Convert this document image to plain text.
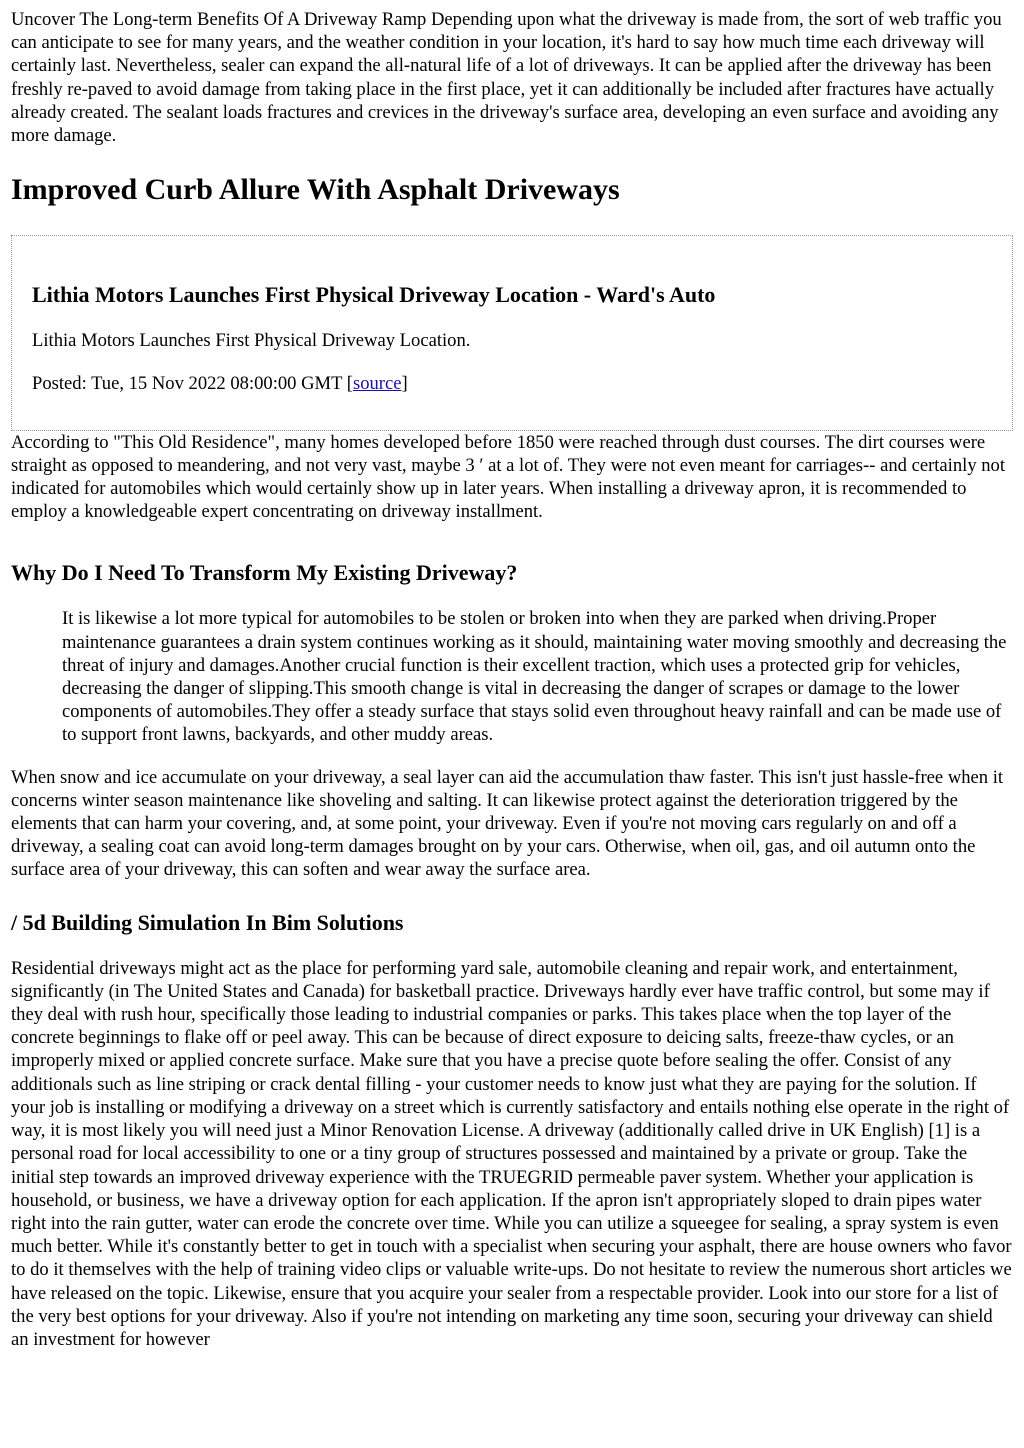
Uncover The Long-term Benefits Of A Driveway Ramp Depending upon what the driveway is made from, the sort of web traffic you can anticipate to see for many years, and the weather condition in your location, it's hard to say how much time each driveway will certainly last. Nevertheless, sealer can expand the all-natural life of a lot of driveways. It can be applied after the driveway has been freshly re-paved to avoid damage from taking place in the first place, yet it can additionally be included after fractures have actually already created. The sealant loads fractures and crevices in the driveway's surface area, developing an even surface and avoiding any more damage.

Improved Curb Allure With Asphalt Driveways
Lithia Motors Launches First Physical Driveway Location - Ward's Auto

Lithia Motors Launches First Physical Driveway Location.

Posted: Tue, 15 Nov 2022 08:00:00 GMT [source]

According to "This Old Residence", many homes developed before 1850 were reached through dust courses. The dirt courses were straight as opposed to meandering, and not very vast, maybe 3 ′ at a lot of. They were not even meant for carriages-- and certainly not indicated for automobiles which would certainly show up in later years. When installing a driveway apron, it is recommended to employ a knowledgeable expert concentrating on driveway installment.

Why Do I Need To Transform My Existing Driveway?
It is likewise a lot more typical for automobiles to be stolen or broken into when they are parked when driving.Proper maintenance guarantees a drain system continues working as it should, maintaining water moving smoothly and decreasing the threat of injury and damages.Another crucial function is their excellent traction, which uses a protected grip for vehicles, decreasing the danger of slipping.This smooth change is vital in decreasing the danger of scrapes or damage to the lower components of automobiles.They offer a steady surface that stays solid even throughout heavy rainfall and can be made use of to support front lawns, backyards, and other muddy areas.

When snow and ice accumulate on your driveway, a seal layer can aid the accumulation thaw faster. This isn't just hassle-free when it concerns winter season maintenance like shoveling and salting. It can likewise protect against the deterioration triggered by the elements that can harm your covering, and, at some point, your driveway. Even if you're not moving cars regularly on and off a driveway, a sealing coat can avoid long-term damages brought on by your cars. Otherwise, when oil, gas, and oil autumn onto the surface area of your driveway, this can soften and wear away the surface area.

/ 5d Building Simulation In Bim Solutions

Residential driveways might act as the place for performing yard sale, automobile cleaning and repair work, and entertainment, significantly (in The United States and Canada) for basketball practice. Driveways hardly ever have traffic control, but some may if they deal with rush hour, specifically those leading to industrial companies or parks. This takes place when the top layer of the concrete beginnings to flake off or peel away. This can be because of direct exposure to deicing salts, freeze-thaw cycles, or an improperly mixed or applied concrete surface. Make sure that you have a precise quote before sealing the offer. Consist of any additionals such as line striping or crack dental filling - your customer needs to know just what they are paying for the solution. If your job is installing or modifying a driveway on a street which is currently satisfactory and entails nothing else operate in the right of way, it is most likely you will need just a Minor Renovation License. A driveway (additionally called drive in UK English) [1] is a personal road for local accessibility to one or a tiny group of structures possessed and maintained by a private or group. Take the initial step towards an improved driveway experience with the TRUEGRID permeable paver system. Whether your application is household, or business, we have a driveway option for each application. If the apron isn't appropriately sloped to drain pipes water right into the rain gutter, water can erode the concrete over time. While you can utilize a squeegee for sealing, a spray system is even much better. While it's constantly better to get in touch with a specialist when securing your asphalt, there are house owners who favor to do it themselves with the help of training video clips or valuable write-ups. Do not hesitate to review the numerous short articles we have released on the topic. Likewise, ensure that you acquire your sealer from a respectable provider. Look into our store for a list of the very best options for your driveway. Also if you're not intending on marketing any time soon, securing your driveway can shield an investment for however
